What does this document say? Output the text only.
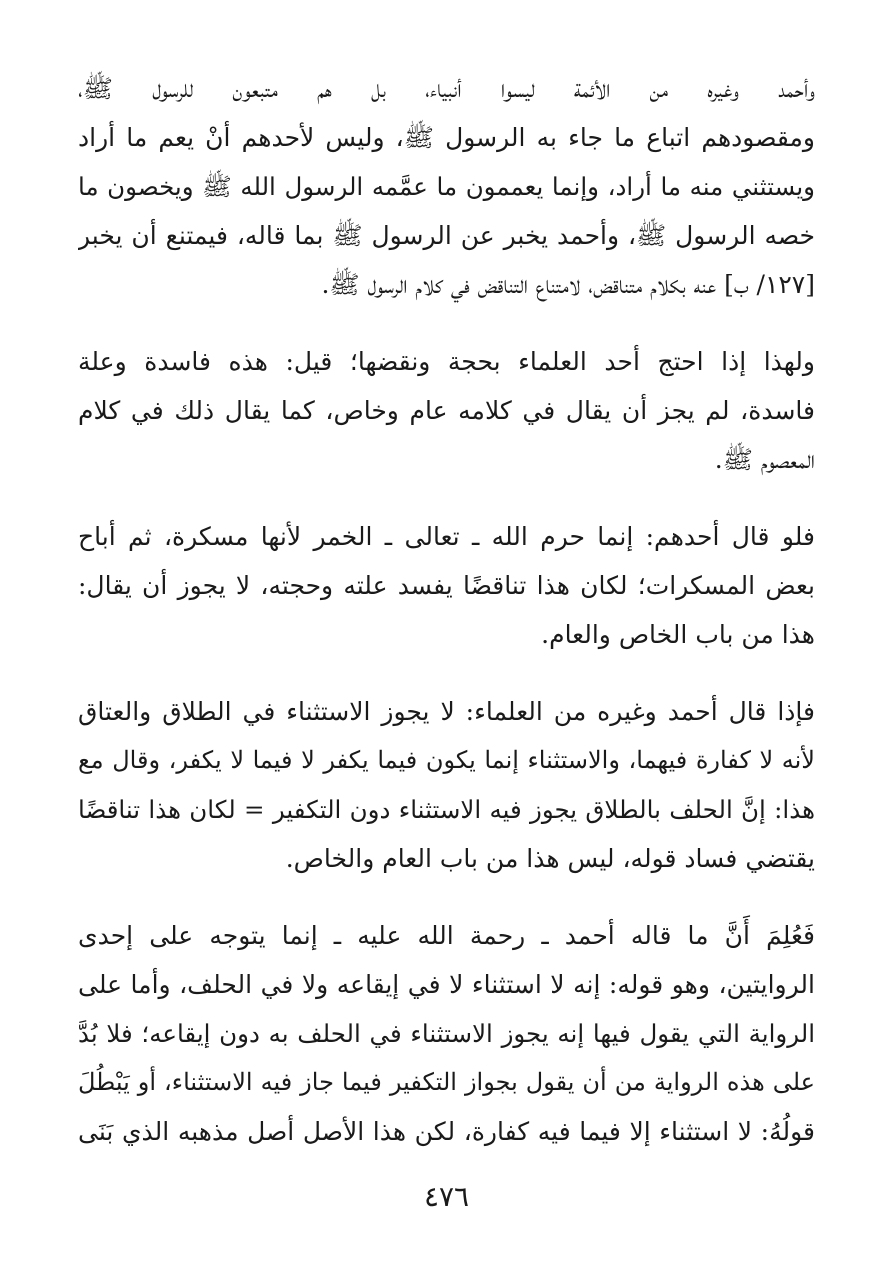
وأحمد وغيره من الأئمة ليسوا أنبياء، بل هم متبعون للرسول ﷺ،
ومقصودهم اتباع ما جاء به الرسول ﷺ، وليس لأحدهم أنْ يعم ما أراد
ويستثني منه ما أراد، وإنما يعممون ما عمَّمه الرسول الله ﷺ ويخصون ما
خصه الرسول ﷺ، وأحمد يخبر عن الرسول ﷺ بما قاله، فيمتنع أن يخبر
[١٢٧/ ب] عنه بكلام متناقض، لامتناع التناقض في كلام الرسول ﷺ.
ولهذا إذا احتج أحد العلماء بحجة ونقضها؛ قيل: هذه فاسدة وعلة
فاسدة، لم يجز أن يقال في كلامه عام وخاص، كما يقال ذلك في كلام
المعصوم ﷺ.
فلو قال أحدهم: إنما حرم الله ـ تعالى ـ الخمر لأنها مسكرة، ثم أباح
بعض المسكرات؛ لكان هذا تناقضًا يفسد علته وحجته، لا يجوز أن يقال:
هذا من باب الخاص والعام.
فإذا قال أحمد وغيره من العلماء: لا يجوز الاستثناء في الطلاق والعتاق
لأنه لا كفارة فيهما، والاستثناء إنما يكون فيما يكفر لا فيما لا يكفر، وقال مع
هذا: إنَّ الحلف بالطلاق يجوز فيه الاستثناء دون التكفير = لكان هذا تناقضًا
يقتضي فساد قوله، ليس هذا من باب العام والخاص.
فَعُلِمَ أَنَّ ما قاله أحمد ـ رحمة الله عليه ـ إنما يتوجه على إحدى
الروايتين، وهو قوله: إنه لا استثناء لا في إيقاعه ولا في الحلف، وأما على
الرواية التي يقول فيها إنه يجوز الاستثناء في الحلف به دون إيقاعه؛ فلا بُدَّ
على هذه الرواية من أن يقول بجواز التكفير فيما جاز فيه الاستثناء، أو يَبْطُلَ
قولُهُ: لا استثناء إلا فيما فيه كفارة، لكن هذا الأصل أصل مذهبه الذي بَنَى
٤٧٦
